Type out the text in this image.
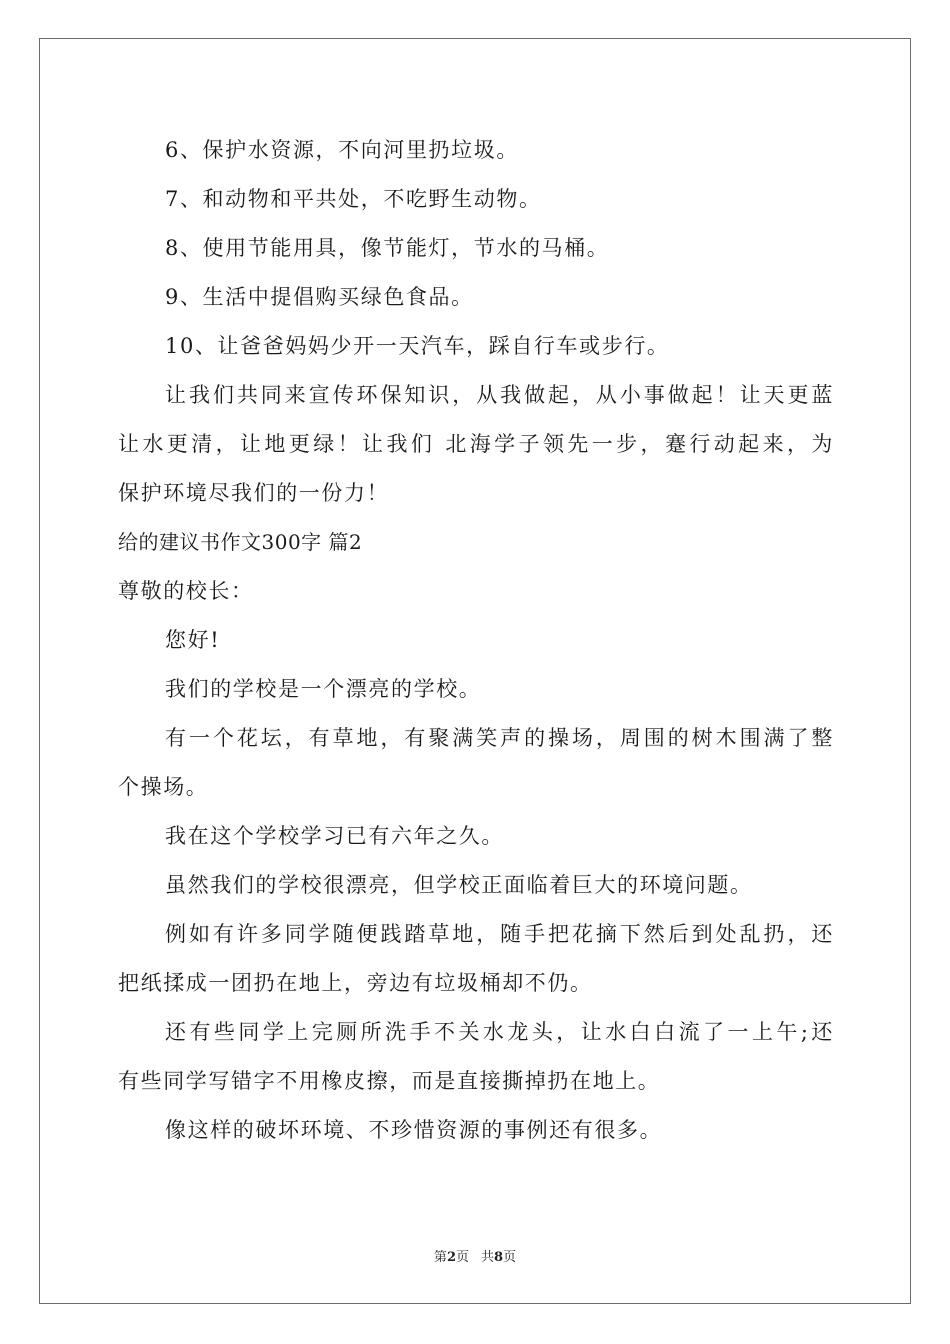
6、保护水资源，不向河里扔垃圾。
7、和动物和平共处，不吃野生动物。
8、使用节能用具，像节能灯，节水的马桶。
9、生活中提倡购买绿色食品。
10、让爸爸妈妈少开一天汽车，踩自行车或步行。
让我们共同来宣传环保知识，从我做起，从小事做起！让天更蓝
让水更清，让地更绿！让我们 北海学子领先一步，蹇行动起来，为
保护环境尽我们的一份力！
给的建议书作文300字 篇2
尊敬的校长：
您好!
我们的学校是一个漂亮的学校。
有一个花坛，有草地，有聚满笑声的操场，周围的树木围满了整
个操场。
我在这个学校学习已有六年之久。
虽然我们的学校很漂亮，但学校正面临着巨大的环境问题。
例如有许多同学随便践踏草地，随手把花摘下然后到处乱扔，还
把纸揉成一团扔在地上，旁边有垃圾桶却不仍。
还有些同学上完厕所洗手不关水龙头，让水白白流了一上午;还
有些同学写错字不用橡皮擦，而是直接撕掉扔在地上。
像这样的破坏环境、不珍惜资源的事例还有很多。
第2页 共8页
